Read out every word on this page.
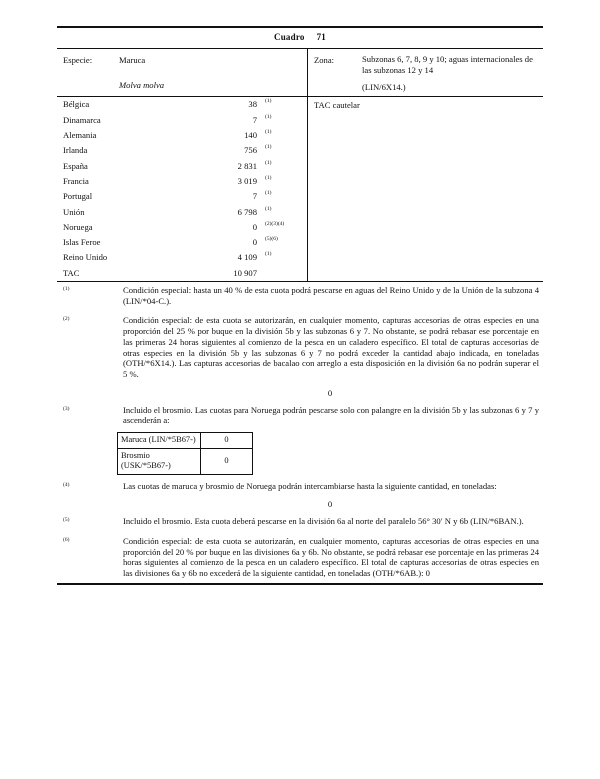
Cuadro 71
Especie:	Maruca
Molva molva
Zona:	Subzonas 6, 7, 8, 9 y 10; aguas internacionales de las subzonas 12 y 14
(LIN/6X14.)
Bélgica	38	(1)
Dinamarca	7	(1)
Alemania	140	(1)
Irlanda	756	(1)
España	2 831	(1)
Francia	3 019	(1)
Portugal	7	(1)
Unión	6 798	(1)
Noruega	0	(2)(3)(4)
Islas Feroe	0	(5)(6)
Reino Unido	4 109	(1)
TAC	10 907
TAC cautelar
(1)	Condición especial: hasta un 40 % de esta cuota podrá pescarse en aguas del Reino Unido y de la Unión de la subzona 4 (LIN/*04-C.).
(2)	Condición especial: de esta cuota se autorizarán, en cualquier momento, capturas accesorias de otras especies en una proporción del 25 % por buque en la división 5b y las subzonas 6 y 7. No obstante, se podrá rebasar ese porcentaje en las primeras 24 horas siguientes al comienzo de la pesca en un caladero específico. El total de capturas accesorias de otras especies en la división 5b y las subzonas 6 y 7 no podrá exceder la cantidad abajo indicada, en toneladas (OTH/*6X14.). Las capturas accesorias de bacalao con arreglo a esta disposición en la división 6a no podrán superar el 5 %.
0
(3)	Incluido el brosmio. Las cuotas para Noruega podrán pescarse solo con palangre en la división 5b y las subzonas 6 y 7 y ascenderán a:
Maruca (LIN/*5B67-)	0
Brosmio (USK/*5B67-)	0
(4)	Las cuotas de maruca y brosmio de Noruega podrán intercambiarse hasta la siguiente cantidad, en toneladas:
0
(5)	Incluido el brosmio. Esta cuota deberá pescarse en la división 6a al norte del paralelo 56° 30′ N y 6b (LIN/*6BAN.).
(6)	Condición especial: de esta cuota se autorizarán, en cualquier momento, capturas accesorias de otras especies en una proporción del 20 % por buque en las divisiones 6a y 6b. No obstante, se podrá rebasar ese porcentaje en las primeras 24 horas siguientes al comienzo de la pesca en un caladero específico. El total de capturas accesorias de otras especies en las divisiones 6a y 6b no excederá de la siguiente cantidad, en toneladas (OTH/*6AB.): 0
